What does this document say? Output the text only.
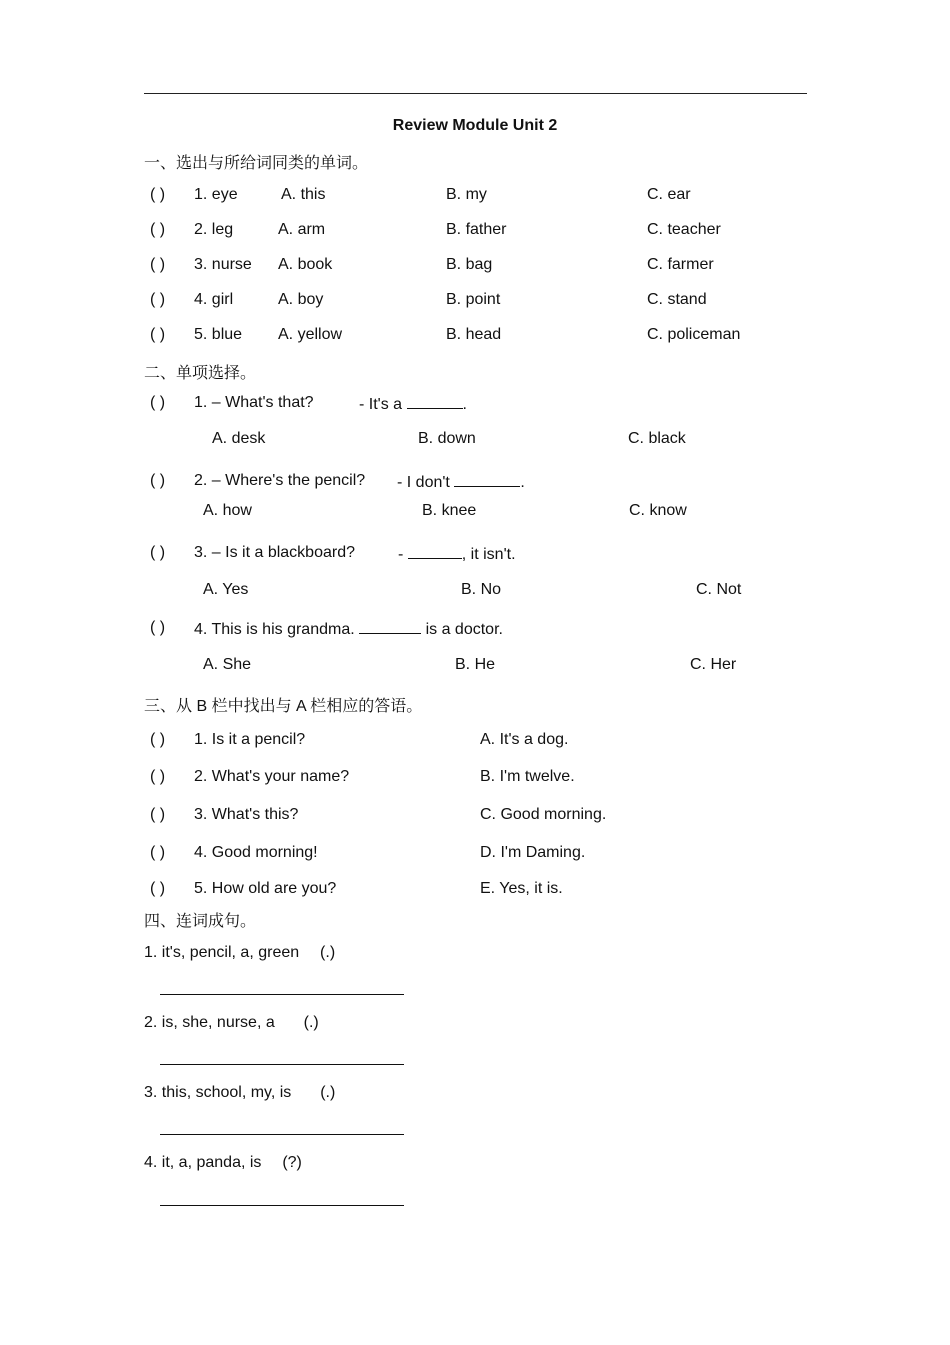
Review Module Unit 2
一、选出与所给词同类的单词。
( ) 1. eye	A. this	B. my	C. ear
( ) 2. leg	A. arm	B. father	C. teacher
( ) 3. nurse A. book	B. bag	C. farmer
( ) 4. girl	A. boy	B. point	C. stand
( ) 5. blue A. yellow	B. head	C. policeman
二、单项选择。
( ) 1. – What's that?	- It's a	.
A. desk	B. down	C. black
( ) 2. – Where's the pencil? - I don't	.
A. how	B. knee	C. know
( ) 3. – Is it a blackboard?	-	, it isn't.
A. Yes	B. No	C. Not
( ) 4. This is his grandma.	is a doctor.
A. She	B. He	C. Her
三、从 B 栏中找出与 A 栏相应的答语。
( ) 1. Is it a pencil?	A. It's a dog.
( ) 2. What's your name?	B. I'm twelve.
( ) 3. What's this?	C. Good morning.
( ) 4. Good morning!	D. I'm Daming.
( ) 5. How old are you?	E. Yes, it is.
四、连词成句。
1. it's, pencil, a, green (.)
2. is, she, nurse, a (.)
3. this, school, my, is (.)
4. it, a, panda, is (?)
